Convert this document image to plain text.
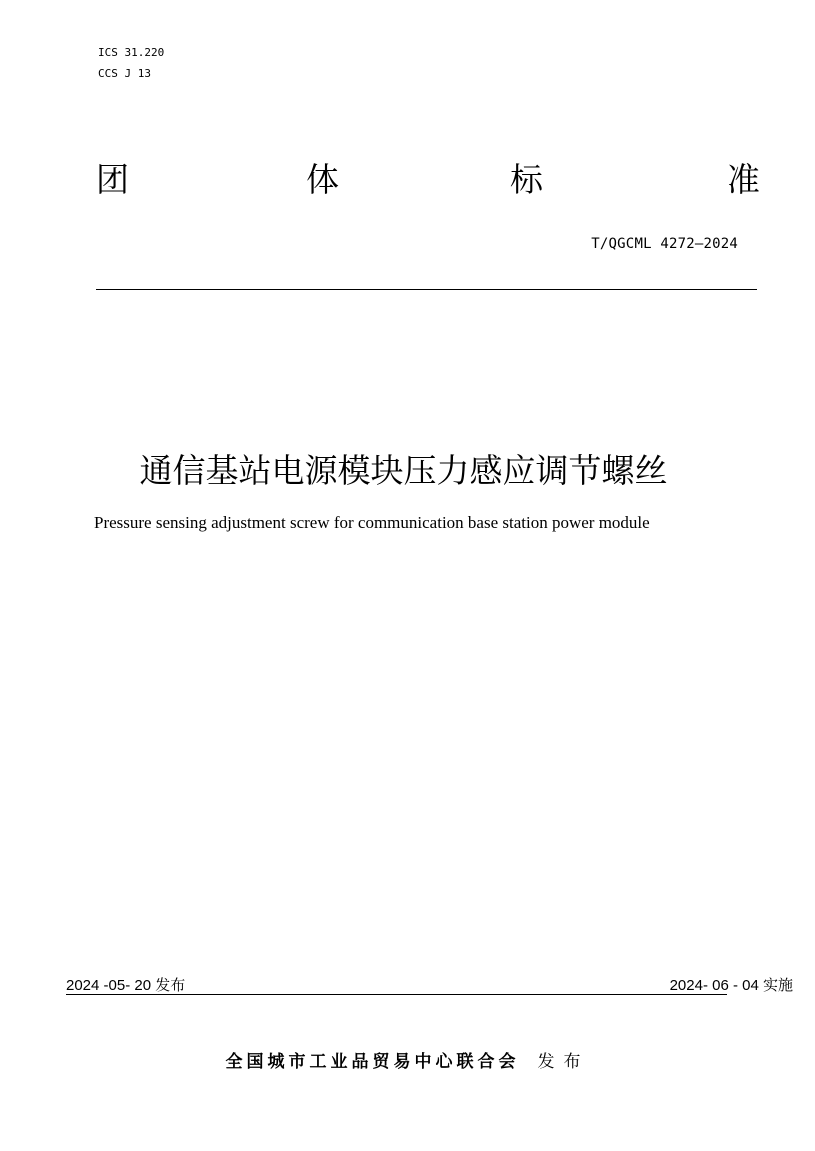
ICS 31.220
CCS J 13
团	体	标	准
T/QGCML 4272—2024
通信基站电源模块压力感应调节螺丝
Pressure sensing adjustment screw for communication base station power module
2024 -05- 20 发布	2024- 06 - 04 实施
全国城市工业品贸易中心联合会 发布
